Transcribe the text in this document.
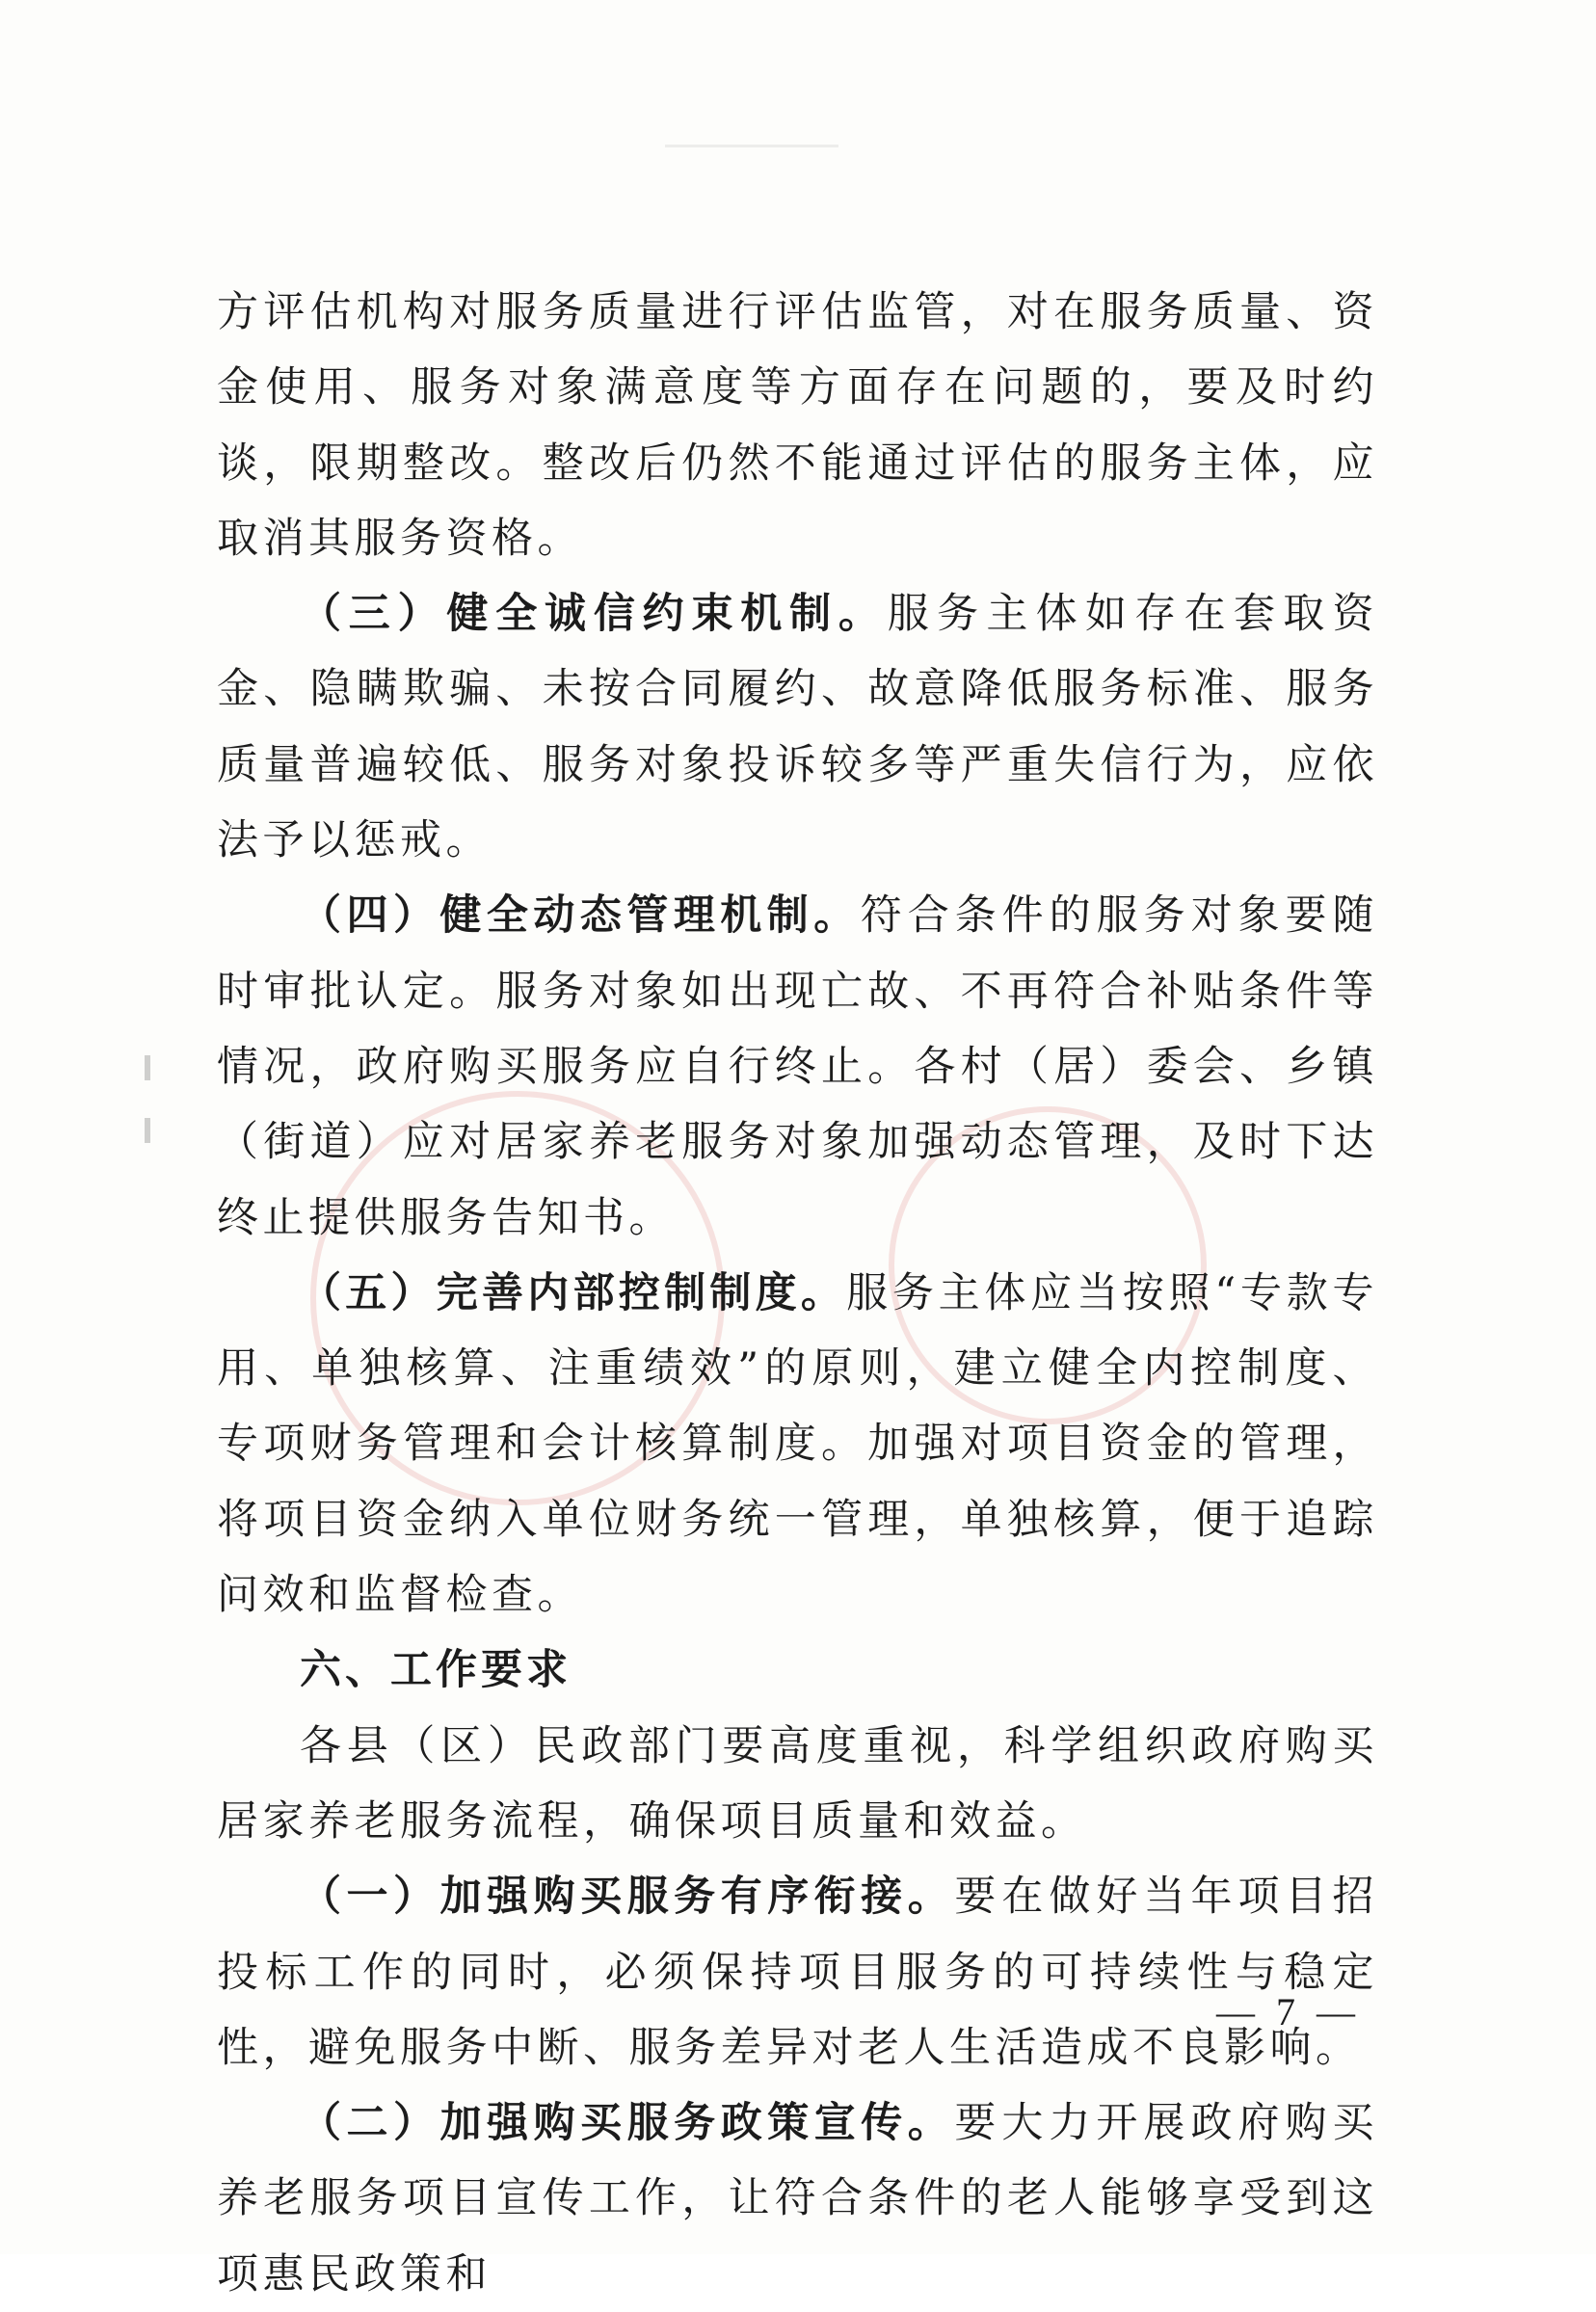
方评估机构对服务质量进行评估监管，对在服务质量、资金使用、服务对象满意度等方面存在问题的，要及时约谈，限期整改。整改后仍然不能通过评估的服务主体，应取消其服务资格。

（三）健全诚信约束机制。服务主体如存在套取资金、隐瞒欺骗、未按合同履约、故意降低服务标准、服务质量普遍较低、服务对象投诉较多等严重失信行为，应依法予以惩戒。

（四）健全动态管理机制。符合条件的服务对象要随时审批认定。服务对象如出现亡故、不再符合补贴条件等情况，政府购买服务应自行终止。各村（居）委会、乡镇（街道）应对居家养老服务对象加强动态管理，及时下达终止提供服务告知书。

（五）完善内部控制制度。服务主体应当按照“专款专用、单独核算、注重绩效”的原则，建立健全内控制度、专项财务管理和会计核算制度。加强对项目资金的管理，将项目资金纳入单位财务统一管理，单独核算，便于追踪问效和监督检查。

六、工作要求

各县（区）民政部门要高度重视，科学组织政府购买居家养老服务流程，确保项目质量和效益。

（一）加强购买服务有序衔接。要在做好当年项目招投标工作的同时，必须保持项目服务的可持续性与稳定性，避免服务中断、服务差异对老人生活造成不良影响。

（二）加强购买服务政策宣传。要大力开展政府购买养老服务项目宣传工作，让符合条件的老人能够享受到这项惠民政策和

— 7 —
